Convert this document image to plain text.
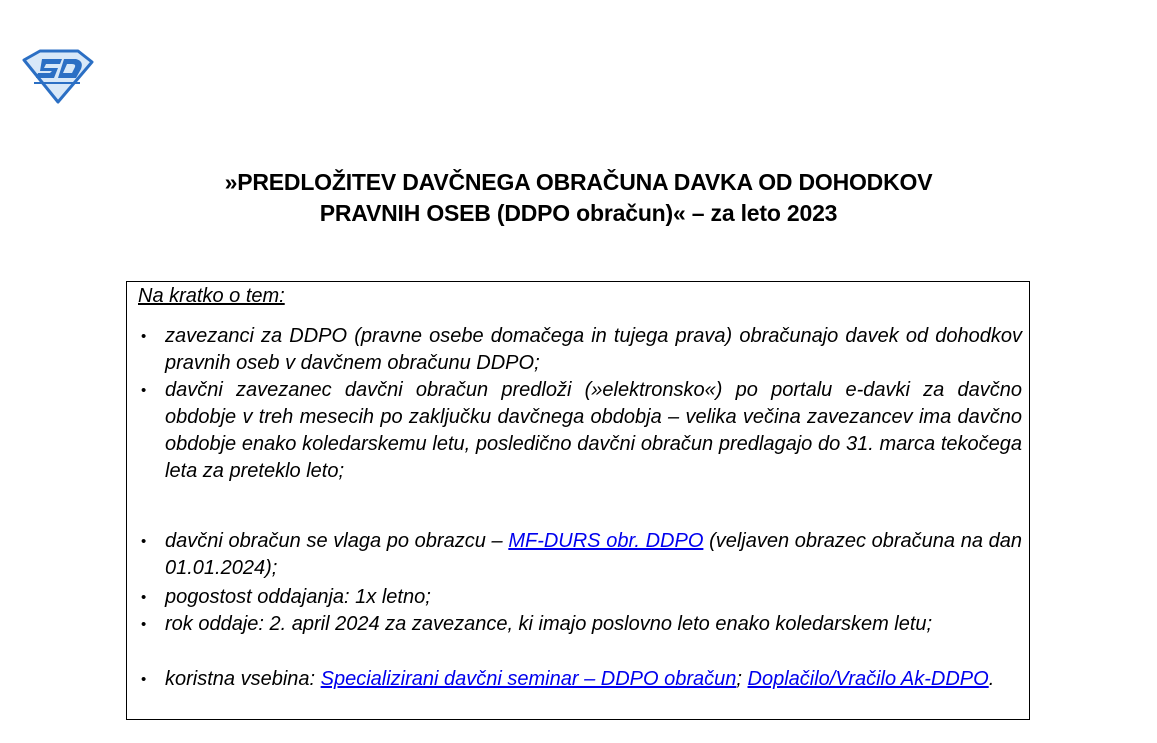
»PREDLOŽITEV DAVČNEGA OBRAČUNA DAVKA OD DOHODKOV
PRAVNIH OSEB (DDPO obračun)« – za leto 2023
Na kratko o tem:
• zavezanci za DDPO (pravne osebe domačega in tujega prava) obračunajo davek od dohodkov pravnih oseb v davčnem obračunu DDPO;
• davčni zavezanec davčni obračun predloži (»elektronsko«) po portalu e-davki za davčno obdobje v treh mesecih po zaključku davčnega obdobja – velika večina zavezancev ima davčno obdobje enako koledarskemu letu, posledično davčni obračun predlagajo do 31. marca tekočega leta za preteklo leto;
• davčni obračun se vlaga po obrazcu – MF-DURS obr. DDPO (veljaven obrazec obračuna na dan 01.01.2024);
• pogostost oddajanja: 1x letno;
• rok oddaje: 2. april 2024 za zavezance, ki imajo poslovno leto enako koledarskem letu;
• koristna vsebina: Specializirani davčni seminar – DDPO obračun; Doplačilo/Vračilo Ak-DDPO.
